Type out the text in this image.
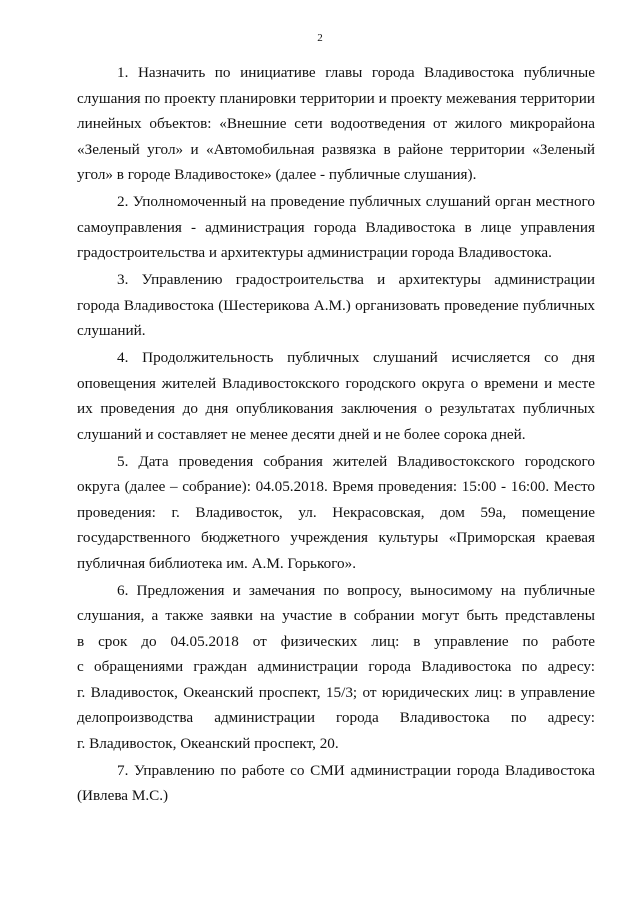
2

1. Назначить по инициативе главы города Владивостока публичные
слушания по проекту планировки территории и проекту межевания территории
линейных объектов: «Внешние сети водоотведения от жилого микрорайона
«Зеленый угол» и «Автомобильная развязка в районе территории «Зеленый
угол» в городе Владивостоке» (далее - публичные слушания).

2. Уполномоченный на проведение публичных слушаний орган местного
самоуправления - администрация города Владивостока в лице управления
градостроительства и архитектуры администрации города Владивостока.

3. Управлению градостроительства и архитектуры администрации
города Владивостока (Шестерикова А.М.) организовать проведение публичных
слушаний.

4. Продолжительность публичных слушаний исчисляется со дня
оповещения жителей Владивостокского городского округа о времени и месте
их проведения до дня опубликования заключения о результатах публичных
слушаний и составляет не менее десяти дней и не более сорока дней.

5. Дата проведения собрания жителей Владивостокского городского
округа (далее – собрание): 04.05.2018. Время проведения: 15:00 - 16:00. Место
проведения: г. Владивосток, ул. Некрасовская, дом 59а, помещение
государственного бюджетного учреждения культуры «Приморская краевая
публичная библиотека им. А.М. Горького».

6. Предложения и замечания по вопросу, выносимому на публичные
слушания, а также заявки на участие в собрании могут быть представлены
в срок до 04.05.2018 от физических лиц: в управление по работе
с обращениями граждан администрации города Владивостока по адресу:
г. Владивосток, Океанский проспект, 15/3; от юридических лиц: в управление
делопроизводства администрации города Владивостока по адресу:
г. Владивосток, Океанский проспект, 20.

7. Управлению по работе со СМИ администрации города Владивостока
(Ивлева М.С.)
